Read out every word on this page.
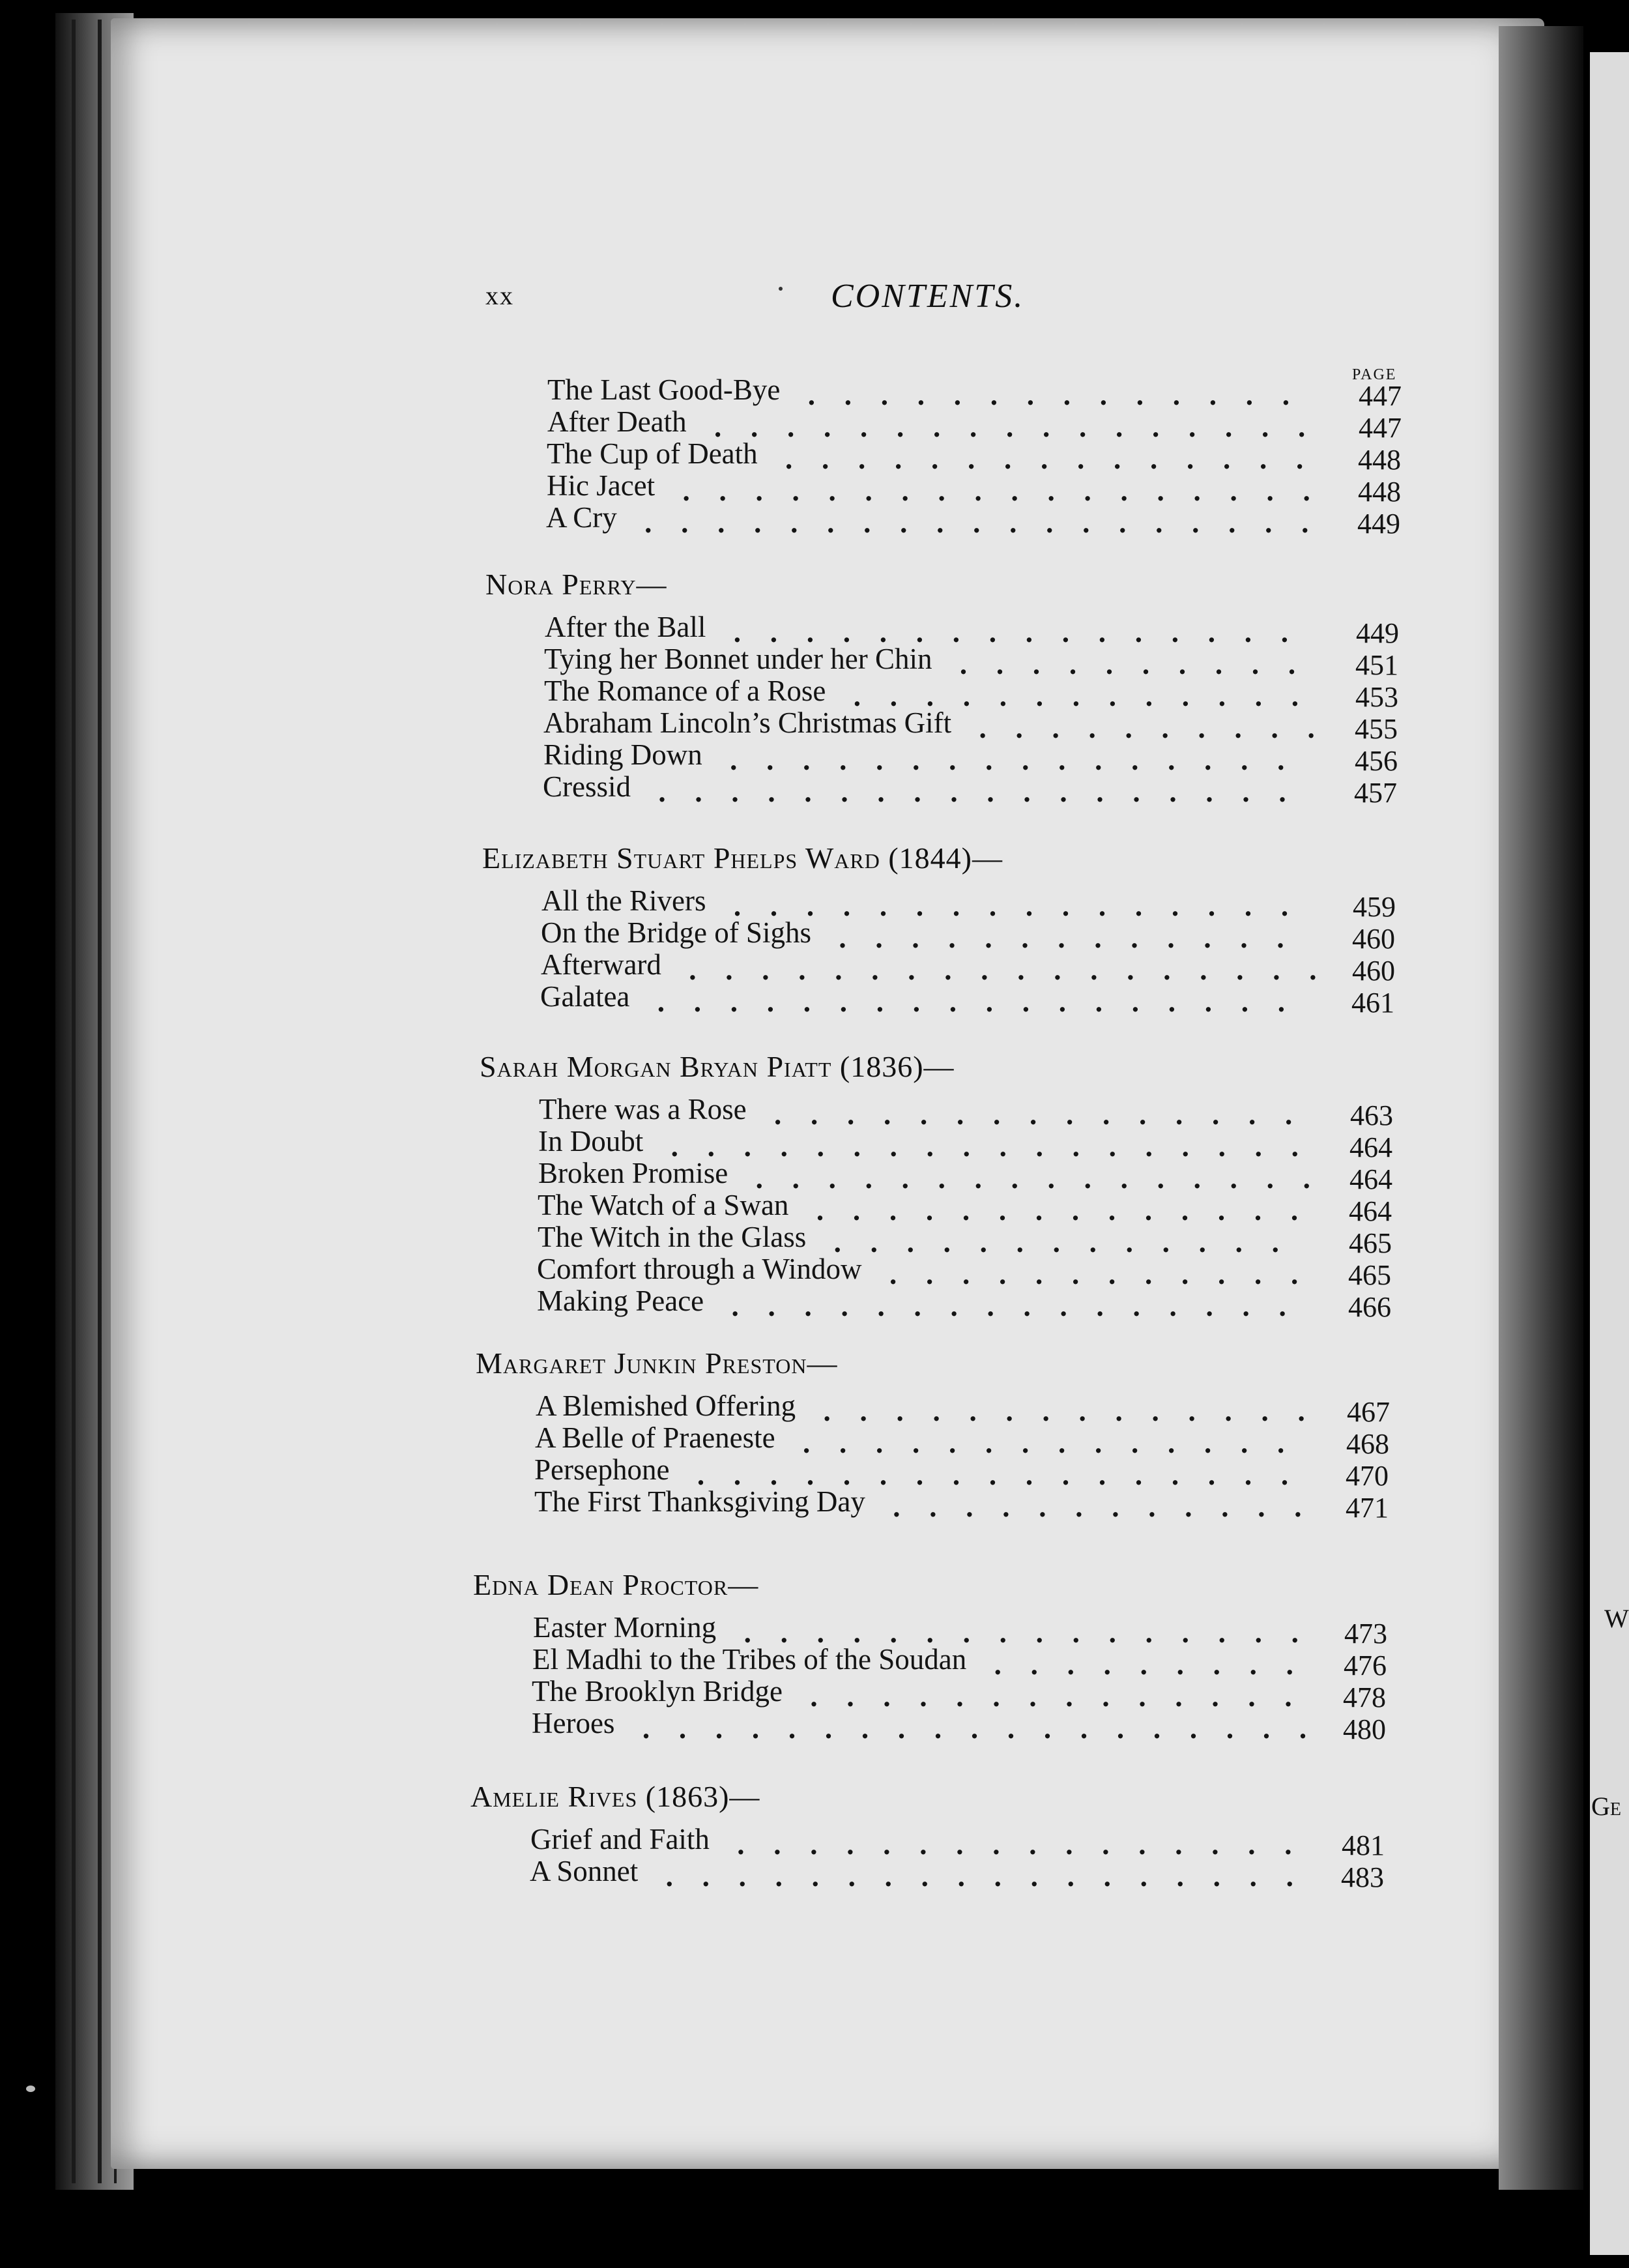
W
Ge
xx	CONTENTS.
PAGE
The Last Good-Bye . . . . . . . . . . . . . .	447
After Death . . . . . . . . . . . . . . . . .	447
The Cup of Death . . . . . . . . . . . . . . .	448
Hic Jacet . . . . . . . . . . . . . . . . . .	448
A Cry . . . . . . . . . . . . . . . . . . .	449
Nora Perry—
After the Ball . . . . . . . . . . . . . . . .	449
Tying her Bonnet under her Chin . . . . . . . . . .	451
The Romance of a Rose . . . . . . . . . . . . .	453
Abraham Lincoln’s Christmas Gift . . . . . . . . . .	455
Riding Down . . . . . . . . . . . . . . . .	456
Cressid . . . . . . . . . . . . . . . . . .	457
Elizabeth Stuart Phelps Ward (1844)—
All the Rivers . . . . . . . . . . . . . . . .	459
On the Bridge of Sighs . . . . . . . . . . . . .	460
Afterward . . . . . . . . . . . . . . . . . .	460
Galatea . . . . . . . . . . . . . . . . . .	461
Sarah Morgan Bryan Piatt (1836)—
There was a Rose . . . . . . . . . . . . . . .	463
In Doubt . . . . . . . . . . . . . . . . . .	464
Broken Promise . . . . . . . . . . . . . . . .	464
The Watch of a Swan . . . . . . . . . . . . . .	464
The Witch in the Glass . . . . . . . . . . . . .	465
Comfort through a Window . . . . . . . . . . . .	465
Making Peace . . . . . . . . . . . . . . . .	466
Margaret Junkin Preston—
A Blemished Offering . . . . . . . . . . . . . .	467
A Belle of Praeneste . . . . . . . . . . . . . .	468
Persephone . . . . . . . . . . . . . . . . .	470
The First Thanksgiving Day . . . . . . . . . . . .	471
Edna Dean Proctor—
Easter Morning . . . . . . . . . . . . . . . .	473
El Madhi to the Tribes of the Soudan . . . . . . . . .	476
The Brooklyn Bridge . . . . . . . . . . . . . .	478
Heroes . . . . . . . . . . . . . . . . . . .	480
Amelie Rives (1863)—
Grief and Faith . . . . . . . . . . . . . . . .	481
A Sonnet . . . . . . . . . . . . . . . . . .	483
